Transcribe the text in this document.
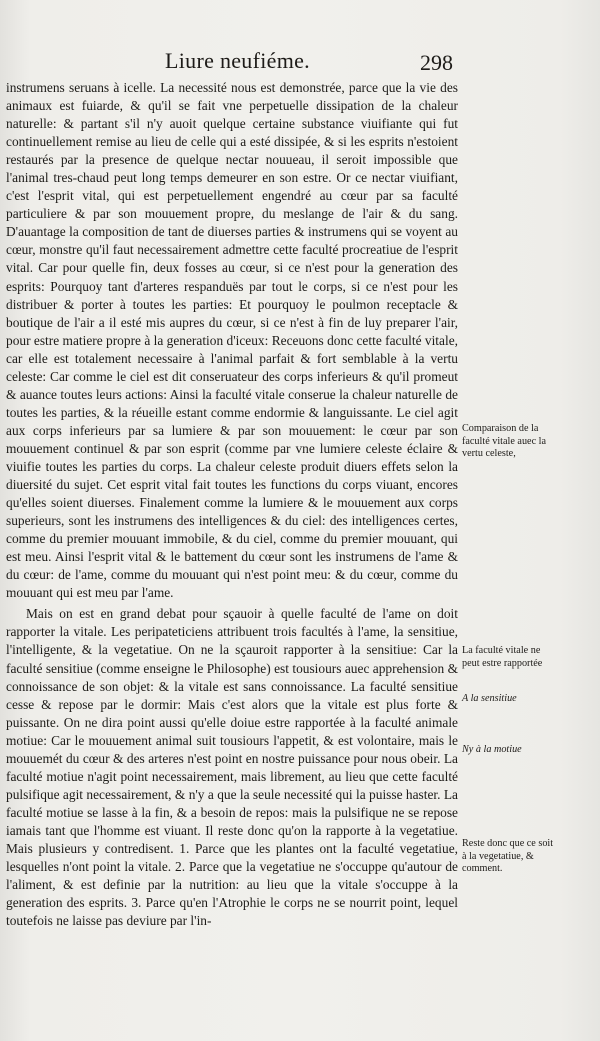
Liure neufiéme.	298

instrumens seruans à icelle. La necessité nous est demonstrée, parce que la vie des animaux est fuiarde, & qu'il se fait vne perpetuelle dissipation de la chaleur naturelle: & partant s'il n'y auoit quelque certaine substance viuifiante qui fut continuellement remise au lieu de celle qui a esté dissipée, & si les esprits n'estoient restaurés par la presence de quelque nectar nouueau, il seroit impossible que l'animal tres-chaud peut long temps demeurer en son estre. Or ce nectar viuifiant, c'est l'esprit vital, qui est perpetuellement engendré au cœur par sa faculté particuliere & par son mouuement propre, du meslange de l'air & du sang. D'auantage la composition de tant de diuerses parties & instrumens qui se voyent au cœur, monstre qu'il faut necessairement admettre cette faculté procreatiue de l'esprit vital. Car pour quelle fin, deux fosses au cœur, si ce n'est pour la generation des esprits: Pourquoy tant d'arteres respanduës par tout le corps, si ce n'est pour les distribuer & porter à toutes les parties: Et pourquoy le poulmon receptacle & boutique de l'air a il esté mis aupres du cœur, si ce n'est à fin de luy preparer l'air, pour estre matiere propre à la generation d'iceux: Receuons donc cette faculté vitale, car elle est totalement necessaire à l'animal parfait & fort semblable à la vertu celeste: Car comme le ciel est dit conseruateur des corps inferieurs & qu'il promeut & auance toutes leurs actions: Ainsi la faculté vitale conserue la chaleur naturelle de toutes les parties, & la réueille estant comme endormie & languissante. Le ciel agit aux corps inferieurs par sa lumiere & par son mouuement: le cœur par son mouuement continuel & par son esprit (comme par vne lumiere celeste éclaire & viuifie toutes les parties du corps. La chaleur celeste produit diuers effets selon la diuersité du sujet. Cet esprit vital fait toutes les functions du corps viuant, encores qu'elles soient diuerses. Finalement comme la lumiere & le mouuement aux corps superieurs, sont les instrumens des intelligences & du ciel: des intelligences certes, comme du premier mouuant immobile, & du ciel, comme du premier mouuant, qui est meu. Ainsi l'esprit vital & le battement du cœur sont les instrumens de l'ame & du cœur: de l'ame, comme du mouuant qui n'est point meu: & du cœur, comme du mouuant qui est meu par l'ame.

Mais on est en grand debat pour sçauoir à quelle faculté de l'ame on doit rapporter la vitale. Les peripateticiens attribuent trois facultés à l'ame, la sensitiue, l'intelligente, & la vegetatiue. On ne la sçauroit rapporter à la sensitiue: Car la faculté sensitiue (comme enseigne le Philosophe) est tousiours auec apprehension & connoissance de son objet: & la vitale est sans connoissance. La faculté sensitiue cesse & repose par le dormir: Mais c'est alors que la vitale est plus forte & puissante. On ne dira point aussi qu'elle doiue estre rapportée à la faculté animale motiue: Car le mouuement animal suit tousiours l'appetit, & est volontaire, mais le mouuemét du cœur & des arteres n'est point en nostre puissance pour nous obeir. La faculté motiue n'agit point necessairement, mais librement, au lieu que cette faculté pulsifique agit necessairement, & n'y a que la seule necessité qui la puisse haster. La faculté motiue se lasse à la fin, & a besoin de repos: mais la pulsifique ne se repose iamais tant que l'homme est viuant. Il reste donc qu'on la rapporte à la vegetatiue. Mais plusieurs y contredisent. 1. Parce que les plantes ont la faculté vegetatiue, lesquelles n'ont point la vitale. 2. Parce que la vegetatiue ne s'occuppe qu'autour de l'aliment, & est definie par la nutrition: au lieu que la vitale s'occuppe à la generation des esprits. 3. Parce qu'en l'Atrophie le corps ne se nourrit point, lequel toutefois ne laisse pas deviure par l'in-

Comparaison de la faculté vitale auec la vertu celeste,
La faculté vitale ne peut estre rapportée
A la sensitiue
Ny à la motiue
Reste donc que ce soit à la vegetatiue, & comment.
